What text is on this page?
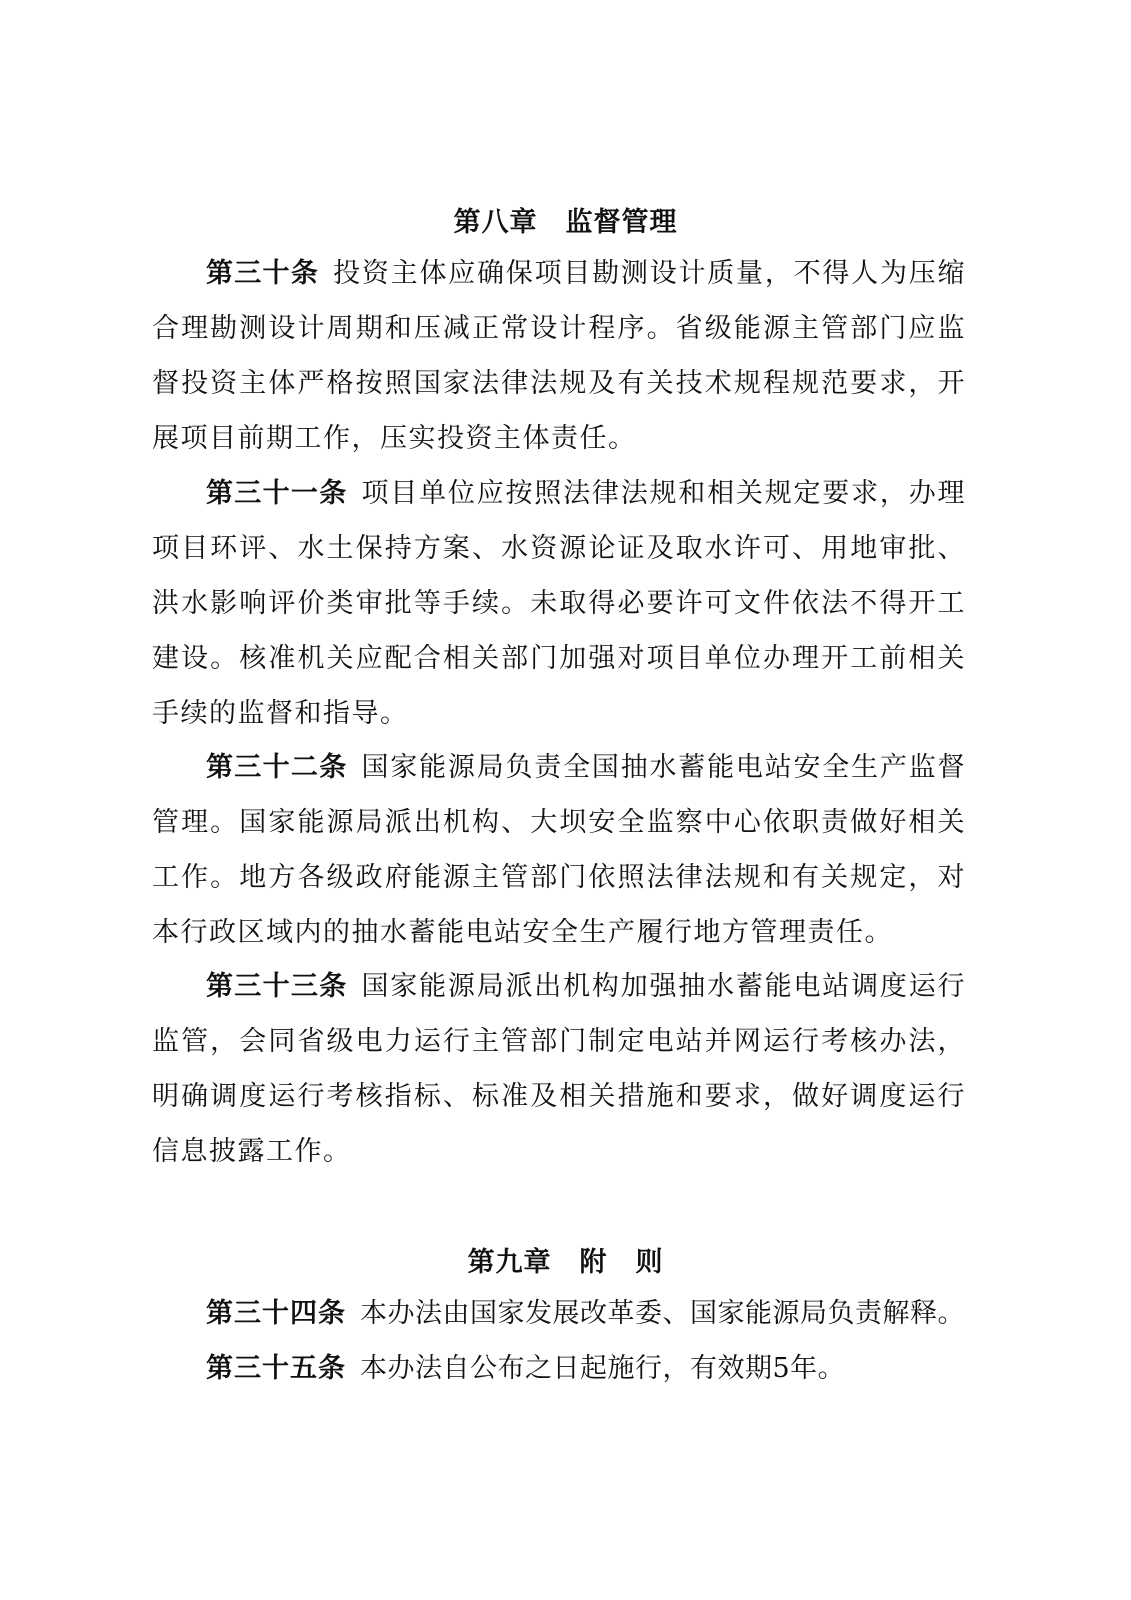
第八章　监督管理
第三十条 投资主体应确保项目勘测设计质量，不得人为压缩合理勘测设计周期和压减正常设计程序。省级能源主管部门应监督投资主体严格按照国家法律法规及有关技术规程规范要求，开展项目前期工作，压实投资主体责任。
第三十一条 项目单位应按照法律法规和相关规定要求，办理项目环评、水土保持方案、水资源论证及取水许可、用地审批、洪水影响评价类审批等手续。未取得必要许可文件依法不得开工建设。核准机关应配合相关部门加强对项目单位办理开工前相关手续的监督和指导。
第三十二条 国家能源局负责全国抽水蓄能电站安全生产监督管理。国家能源局派出机构、大坝安全监察中心依职责做好相关工作。地方各级政府能源主管部门依照法律法规和有关规定，对本行政区域内的抽水蓄能电站安全生产履行地方管理责任。
第三十三条 国家能源局派出机构加强抽水蓄能电站调度运行监管，会同省级电力运行主管部门制定电站并网运行考核办法，明确调度运行考核指标、标准及相关措施和要求，做好调度运行信息披露工作。
第九章　附　则
第三十四条 本办法由国家发展改革委、国家能源局负责解释。
第三十五条 本办法自公布之日起施行，有效期5年。
